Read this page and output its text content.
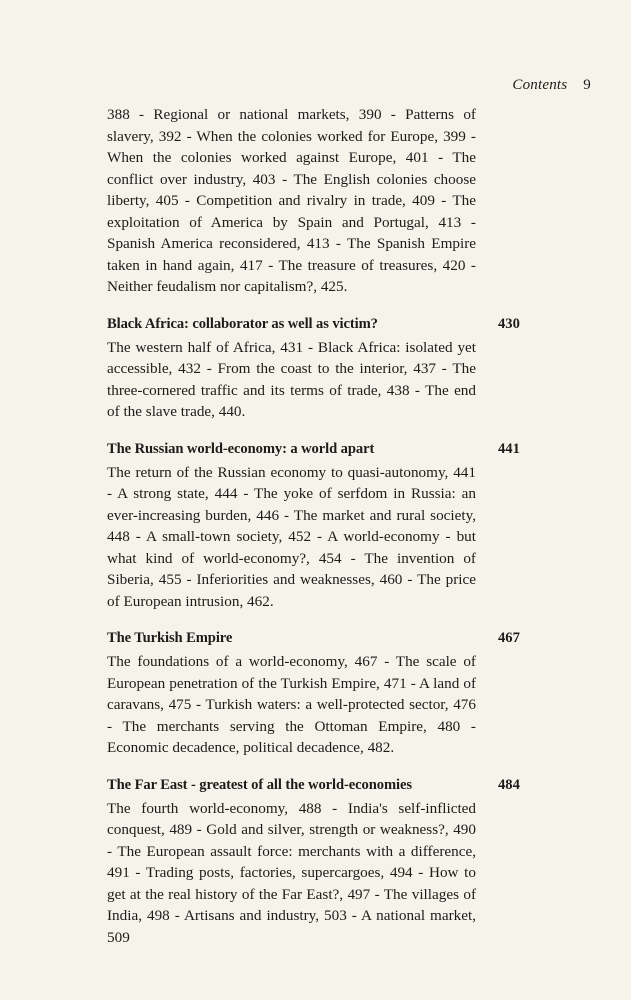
Contents 9

388 - Regional or national markets, 390 - Patterns of slavery, 392 - When the colonies worked for Europe, 399 - When the colonies worked against Europe, 401 - The conflict over industry, 403 - The English colonies choose liberty, 405 - Competition and rivalry in trade, 409 - The exploitation of America by Spain and Portugal, 413 - Spanish America reconsidered, 413 - The Spanish Empire taken in hand again, 417 - The treasure of treasures, 420 - Neither feudalism nor capitalism?, 425.

Black Africa: collaborator as well as victim?	430

The western half of Africa, 431 - Black Africa: isolated yet accessible, 432 - From the coast to the interior, 437 - The three-cornered traffic and its terms of trade, 438 - The end of the slave trade, 440.

The Russian world-economy: a world apart	441

The return of the Russian economy to quasi-autonomy, 441 - A strong state, 444 - The yoke of serfdom in Russia: an ever-increasing burden, 446 - The market and rural society, 448 - A small-town society, 452 - A world-economy - but what kind of world-economy?, 454 - The invention of Siberia, 455 - Inferiorities and weaknesses, 460 - The price of European intrusion, 462.

The Turkish Empire	467

The foundations of a world-economy, 467 - The scale of European penetration of the Turkish Empire, 471 - A land of caravans, 475 - Turkish waters: a well-protected sector, 476 - The merchants serving the Ottoman Empire, 480 - Economic decadence, political decadence, 482.

The Far East - greatest of all the world-economies	484

The fourth world-economy, 488 - India's self-inflicted conquest, 489 - Gold and silver, strength or weakness?, 490 - The European assault force: merchants with a difference, 491 - Trading posts, factories, supercargoes, 494 - How to get at the real history of the Far East?, 497 - The villages of India, 498 - Artisans and industry, 503 - A national market, 509
